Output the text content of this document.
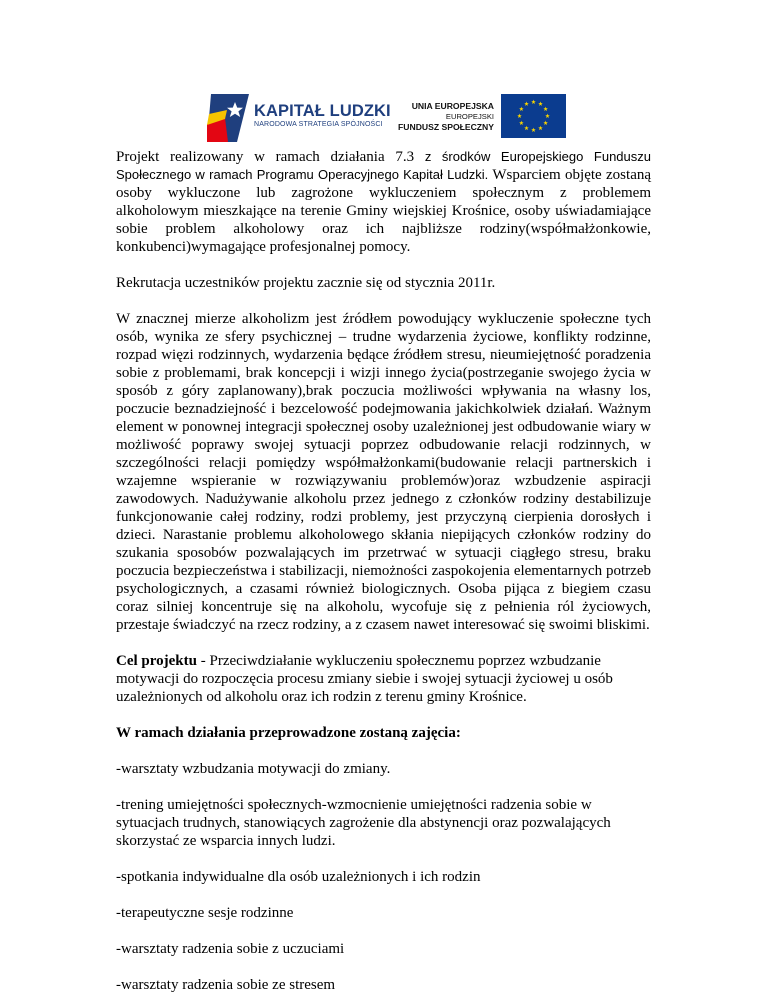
KAPITAŁ LUDZKI
NARODOWA STRATEGIA SPÓJNOŚCI
UNIA EUROPEJSKA
EUROPEJSKI
FUNDUSZ SPOŁECZNY

Projekt realizowany w ramach działania 7.3 z środków Europejskiego Funduszu Społecznego w ramach Programu Operacyjnego Kapitał Ludzki. Wsparciem objęte zostaną osoby wykluczone lub zagrożone wykluczeniem społecznym z problemem alkoholowym mieszkające na terenie Gminy wiejskiej Krośnice, osoby uświadamiające sobie problem alkoholowy oraz ich najbliższe rodziny(współmałżonkowie, konkubenci)wymagające profesjonalnej pomocy.

Rekrutacja uczestników projektu zacznie się od stycznia 2011r.

W znacznej mierze alkoholizm jest źródłem powodujący wykluczenie społeczne tych osób, wynika ze sfery psychicznej – trudne wydarzenia życiowe, konflikty rodzinne, rozpad więzi rodzinnych, wydarzenia będące źródłem stresu, nieumiejętność poradzenia sobie z problemami, brak koncepcji i wizji innego życia(postrzeganie swojego życia w sposób z góry zaplanowany),brak poczucia możliwości wpływania na własny los, poczucie beznadziejność i bezcelowość podejmowania jakichkolwiek działań. Ważnym element w ponownej integracji społecznej osoby uzależnionej jest odbudowanie wiary w możliwość poprawy swojej sytuacji poprzez odbudowanie relacji rodzinnych, w szczególności relacji pomiędzy współmałżonkami(budowanie relacji partnerskich i wzajemne wspieranie w rozwiązywaniu problemów)oraz wzbudzenie aspiracji zawodowych. Nadużywanie alkoholu przez jednego z członków rodziny destabilizuje funkcjonowanie całej rodziny, rodzi problemy, jest przyczyną cierpienia dorosłych i dzieci. Narastanie problemu alkoholowego skłania niepijących członków rodziny do szukania sposobów pozwalających im przetrwać w sytuacji ciągłego stresu, braku poczucia bezpieczeństwa i stabilizacji, niemożności zaspokojenia elementarnych potrzeb psychologicznych, a czasami również biologicznych. Osoba pijąca z biegiem czasu coraz silniej koncentruje się na alkoholu, wycofuje się z pełnienia ról życiowych, przestaje świadczyć na rzecz rodziny, a z czasem nawet interesować się swoimi bliskimi.

Cel projektu - Przeciwdziałanie wykluczeniu społecznemu poprzez wzbudzanie motywacji do rozpoczęcia procesu zmiany siebie i swojej sytuacji życiowej u osób uzależnionych od alkoholu oraz ich rodzin z terenu gminy Krośnice.

W ramach działania przeprowadzone zostaną zajęcia:

-warsztaty wzbudzania motywacji do zmiany.

-trening umiejętności społecznych-wzmocnienie umiejętności radzenia sobie w sytuacjach trudnych, stanowiących zagrożenie dla abstynencji oraz pozwalających skorzystać ze wsparcia innych ludzi.

-spotkania indywidualne dla osób uzależnionych i ich rodzin

-terapeutyczne sesje rodzinne

-warsztaty radzenia sobie z uczuciami

-warsztaty radzenia sobie ze stresem
